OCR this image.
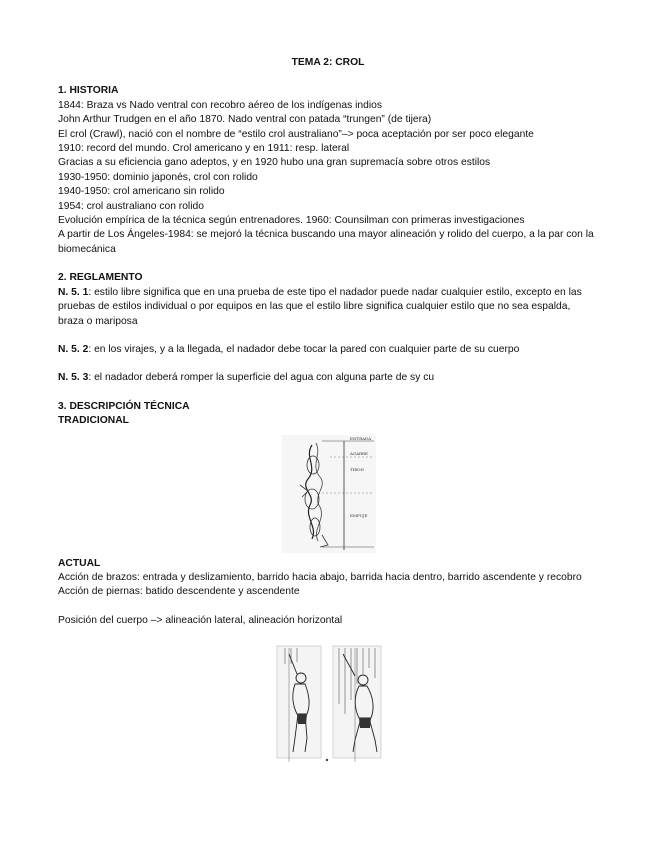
TEMA 2: CROL
1. HISTORIA

1844: Braza vs Nado ventral con recobro aéreo de los indígenas indios

John Arthur Trudgen en el año 1870. Nado ventral con patada “trungen” (de tijera)

El crol (Crawl), nació con el nombre de “estilo crol australiano”–> poca aceptación por ser poco elegante

1910: record del mundo. Crol americano y en 1911: resp. lateral

Gracias a su eficiencia gano adeptos, y en 1920 hubo una gran supremacía sobre otros estilos

1930-1950: dominio japonés, crol con rolido

1940-1950: crol americano sin rolido

1954: crol australiano con rolido

Evolución empírica de la técnica según entrenadores. 1960: Counsilman con primeras investigaciones

A partir de Los Ángeles-1984: se mejoró la técnica buscando una mayor alineación y rolido del cuerpo, a la par con la biomecánica

2. REGLAMENTO

N. 5. 1: estilo libre significa que en una prueba de este tipo el nadador puede nadar cualquier estilo, excepto en las pruebas de estilos individual o por equipos en las que el estilo libre significa cualquier estilo que no sea espalda, braza o mariposa

N. 5. 2: en los virajes, y a la llegada, el nadador debe tocar la pared con cualquier parte de su cuerpo

N. 5. 3: el nadador deberá romper la superficie del agua con alguna parte de sy cu

3. DESCRIPCIÓN TÉCNICA
TRADICIONAL
ENTRADA
AGARRE
TIRON
EMPUJE
ACTUAL

Acción de brazos: entrada y deslizamiento, barrido hacia abajo, barrida hacia dentro, barrido ascendente y recobro

Acción de piernas: batido descendente y ascendente

Posición del cuerpo –> alineación lateral, alineación horizontal
